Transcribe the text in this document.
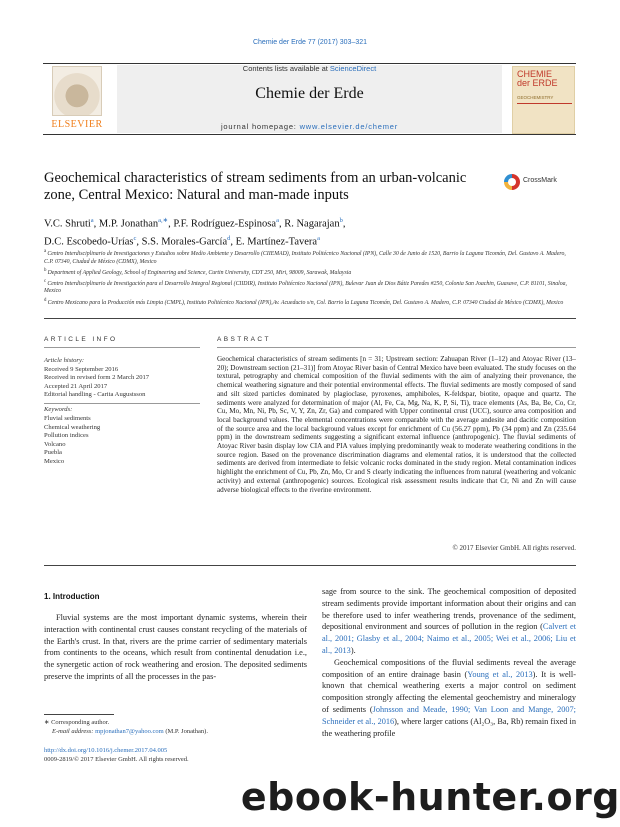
Chemie der Erde 77 (2017) 303–321
ELSEVIER
Contents lists available at ScienceDirect
Chemie der Erde
journal homepage: www.elsevier.de/chemer
CHEMIE
der ERDE
GEOCHEMISTRY
Geochemical characteristics of stream sediments from an urban-volcanic zone, Central Mexico: Natural and man-made inputs
CrossMark
V.C. Shruti$^a$, M.P. Jonathan$^{a,∗}$, P.F. Rodríguez-Espinosa$^a$, R. Nagarajan$^b$,
D.C. Escobedo-Urías$^c$, S.S. Morales-García$^d$, E. Martínez-Tavera$^a$

$^a$ Centro Interdisciplinario de Investigaciones y Estudios sobre Medio Ambiente y Desarrollo (CIIEMAD), Instituto Politécnico Nacional (IPN), Calle 30 de Junio de 1520, Barrio la Laguna Ticomán, Del. Gustavo A. Madero, C.P. 07340, Ciudad de México (CDMX), Mexico

$^b$ Department of Applied Geology, School of Engineering and Science, Curtin University, CDT 250, Miri, 98009, Sarawak, Malaysia

$^c$ Centro Interdisciplinario de Investigación para el Desarrollo Integral Regional (CIIDIR), Instituto Politécnico Nacional (IPN), Bulevar Juan de Dios Bátiz Paredes #250, Colonia San Joachin, Guasave, C.P. 81101, Sinaloa, Mexico

$^d$ Centro Mexicano para la Producción más Limpia (CMPL), Instituto Politécnico Nacional (IPN),Av. Acueducto s/n, Col. Barrio la Laguna Ticomán, Del. Gustavo A. Madero, C.P. 07340 Ciudad de México (CDMX), Mexico

ARTICLE INFO
Article history:
Received 9 September 2016
Received in revised form 2 March 2017
Accepted 21 April 2017
Editorial handling - Carita Augustsson
Keywords:
Fluvial sediments
Chemical weathering
Pollution indices
Volcano
Puebla
Mexico
ABSTRACT
Geochemical characteristics of stream sediments [n = 31; Upstream section: Zahuapan River (1–12) and Atoyac River (13–20); Downstream section (21–31)] from Atoyac River basin of Central Mexico have been evaluated. The study focuses on the textural, petrography and chemical composition of the fluvial sediments with the aim of analyzing their provenance, the chemical weathering signature and their potential environmental effects. The fluvial sediments are mostly composed of sand and silt sized particles dominated by plagioclase, pyroxenes, amphiboles, K-feldspar, biotite, opaque and quartz. The sediments were analyzed for determination of major (Al, Fe, Ca, Mg, Na, K, P, Si, Ti), trace elements (As, Ba, Be, Co, Cr, Cu, Mo, Mn, Ni, Pb, Sc, V, Y, Zn, Zr, Ga) and compared with Upper continental crust (UCC), source area composition and local background values. The elemental concentrations were comparable with the average andesite and dacitic composition of the source area and the local background values except for enrichment of Cu (56.27 ppm), Pb (34 ppm) and Zn (235.64 ppm) in the downstream sediments suggesting a significant external influence (anthropogenic). The fluvial sediments of Atoyac River basin display low CIA and PIA values implying predominantly weak to moderate weathering conditions in the source region. Based on the provenance discrimination diagrams and elemental ratios, it is understood that the collected sediments are derived from intermediate to felsic volcanic rocks dominated in the study region. Metal contamination indices highlight the enrichment of Cu, Pb, Zn, Mo, Cr and S clearly indicating the influences from natural (weathering and volcanic activity) and external (anthropogenic) sources. Ecological risk assessment results indicate that Cr, Ni and Zn will cause adverse biological effects to the riverine environment.
© 2017 Elsevier GmbH. All rights reserved.
1. Introduction
Fluvial systems are the most important dynamic systems, wherein their interaction with continental crust causes constant recycling of the materials of the Earth's crust. In that, rivers are the prime carrier of sedimentary materials from continents to the oceans, which result from continental denudation i.e., the synergetic action of rock weathering and erosion. The deposited sediments preserve the imprints of all the processes in the pas-

sage from source to the sink. The geochemical composition of deposited stream sediments provide important information about their origins and can be therefore used to infer weathering trends, provenance of the sediment, depositional environment and sources of pollution in the region (Calvert et al., 2001; Glasby et al., 2004; Naimo et al., 2005; Wei et al., 2006; Liu et al., 2013).

Geochemical compositions of the fluvial sediments reveal the average composition of an entire drainage basin (Young et al., 2013). It is well-known that chemical weathering exerts a major control on sediment composition strongly affecting the elemental geochemistry and mineralogy of sediments (Johnsson and Meade, 1990; Van Loon and Mange, 2007; Schneider et al., 2016), where larger cations (Al₂O₃, Ba, Rb) remain fixed in the weathering profile

∗ Corresponding author.
E-mail address: mpjonathan7@yahoo.com (M.P. Jonathan).
http://dx.doi.org/10.1016/j.chemer.2017.04.005
0009-2819/© 2017 Elsevier GmbH. All rights reserved.
ebook-hunter.org
